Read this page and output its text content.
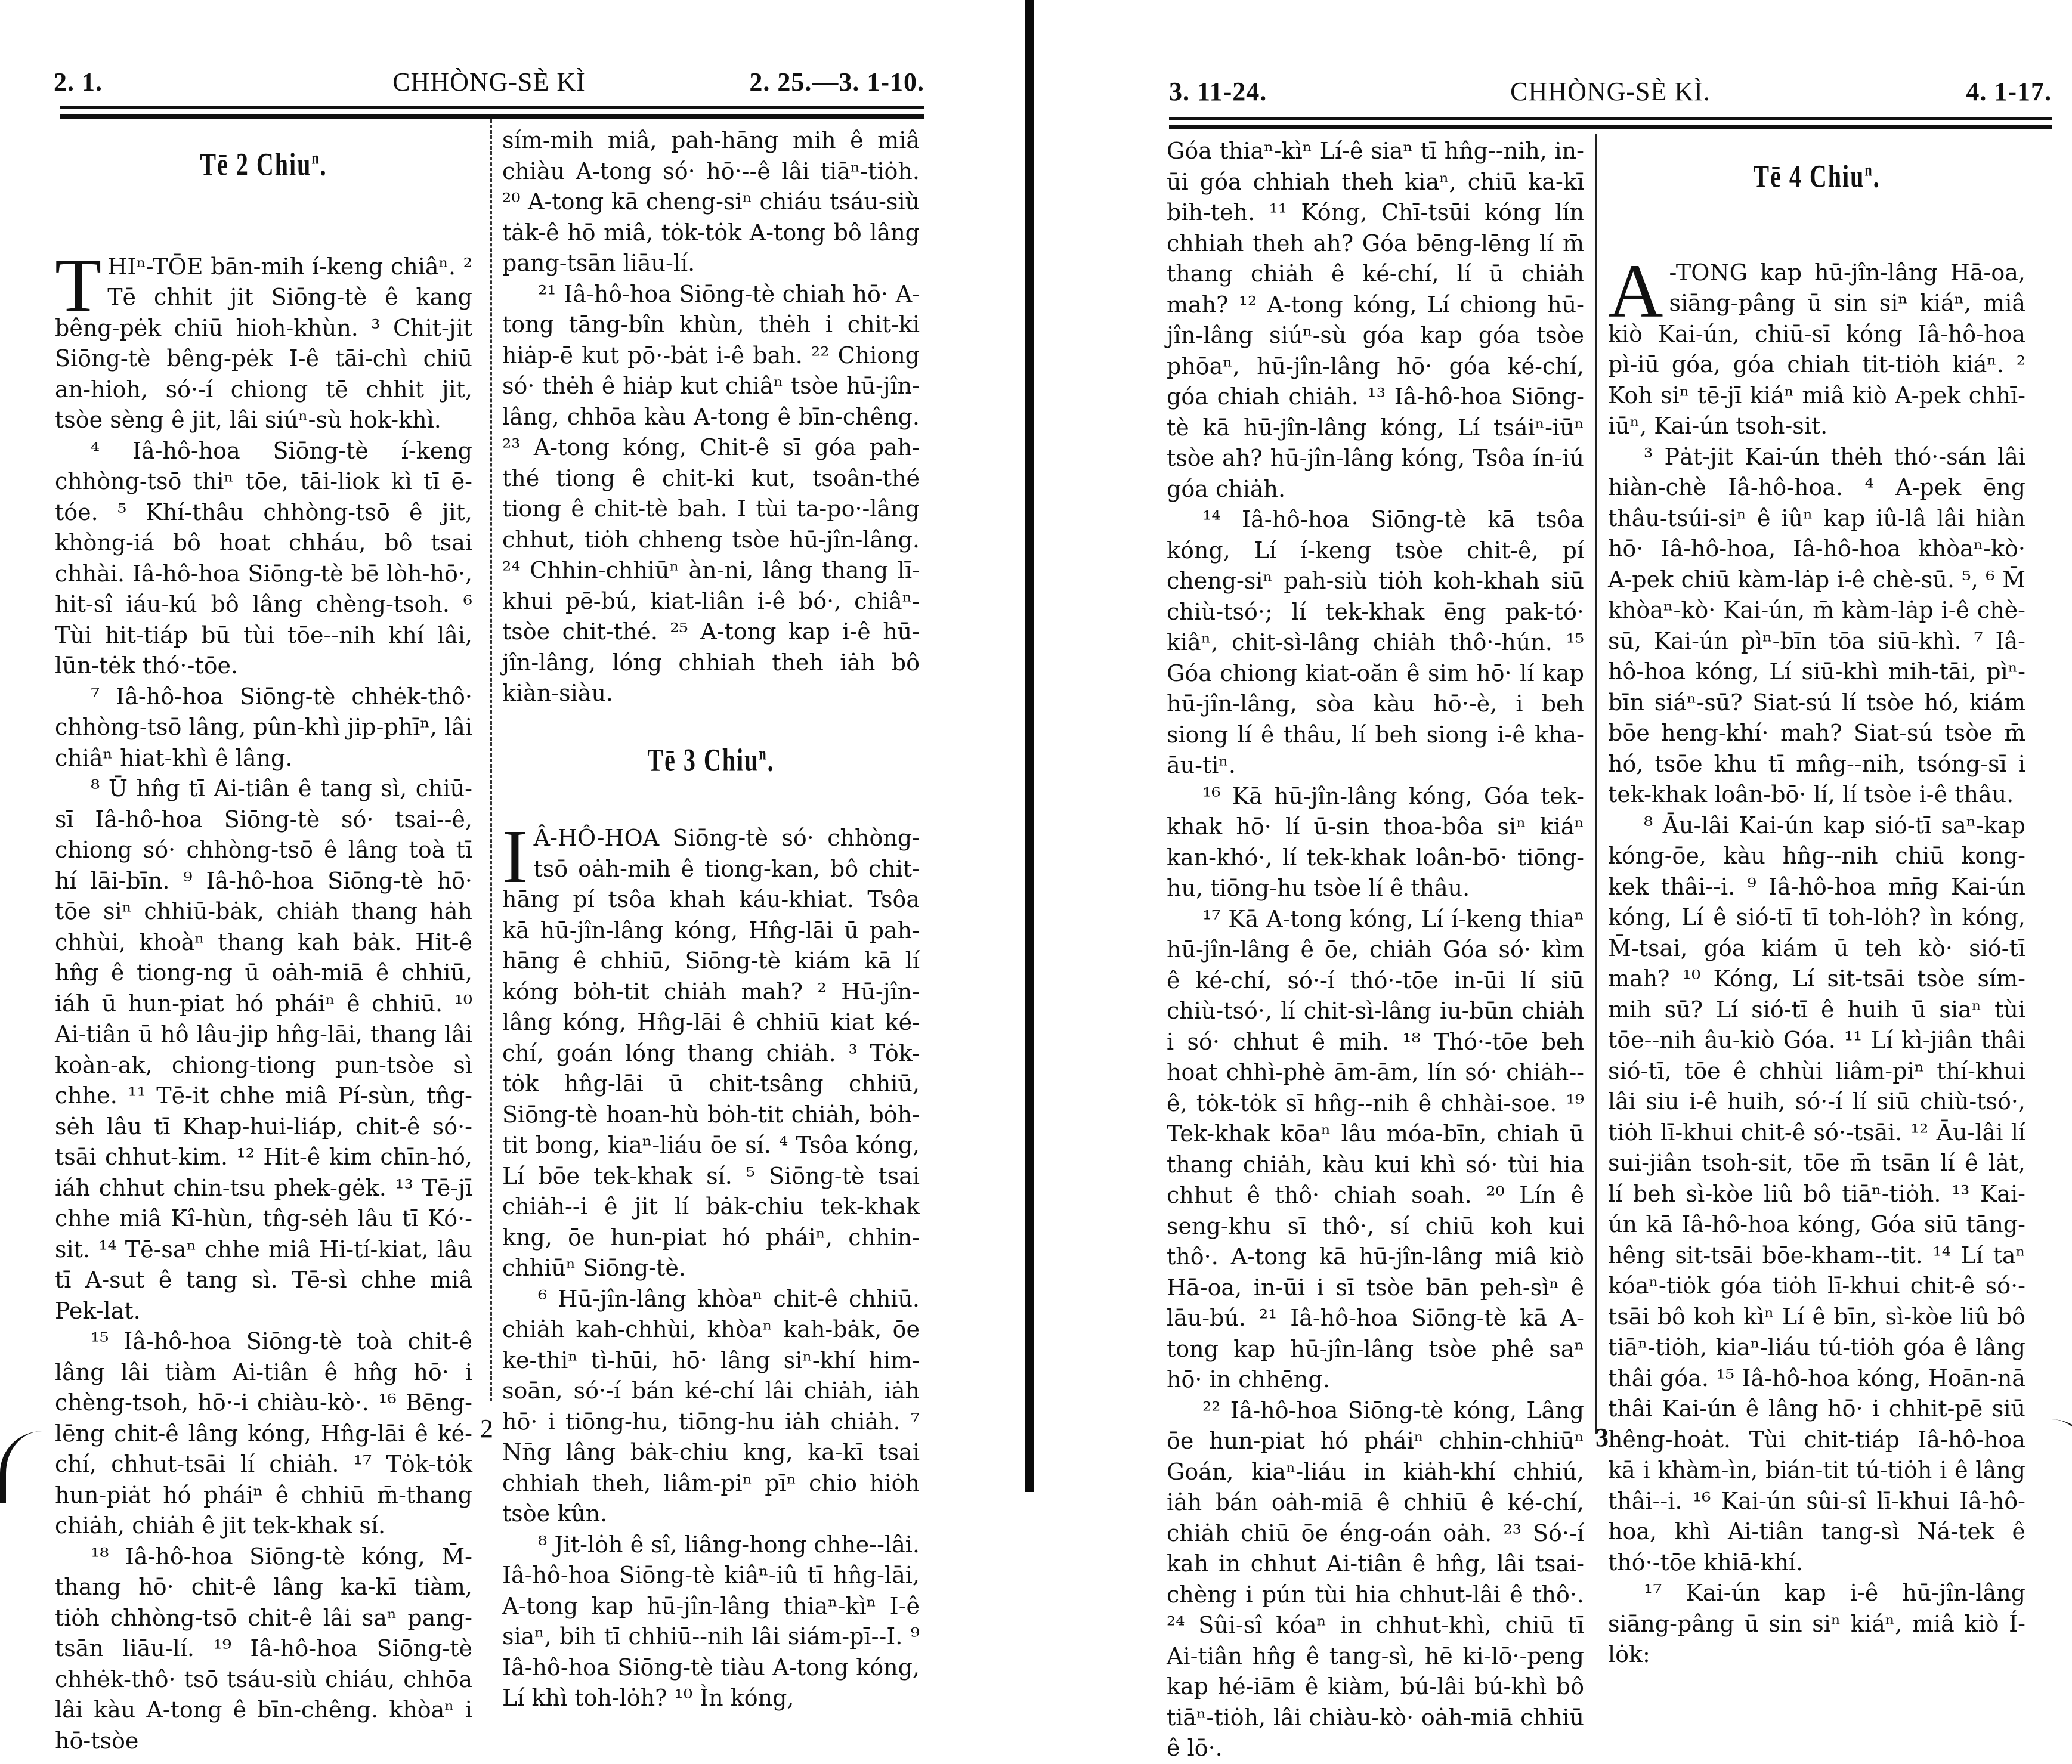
2. 1.	CHHÒNG-SÈ KÌ	2. 25.—3. 1-10.
Tē 2 Chiu$^n$.

THIⁿ-TŌE bān-mih í-keng chiâⁿ. ² Tē chhit jit Siōng-tè ê kang bêng-pėk chiū hioh-khùn. ³ Chit-jit Siōng-tè bêng-pėk I-ê tāi-chì chiū an-hioh, só·-í chiong tē chhit jit, tsòe sèng ê jit, lâi siúⁿ-sù hok-khì.

⁴ Iâ-hô-hoa Siōng-tè í-keng chhòng-tsō thiⁿ tōe, tāi-liok kì tī ē-tóe. ⁵ Khí-thâu chhòng-tsō ê jit, khòng-iá bô hoat chháu, bô tsai chhài. Iâ-hô-hoa Siōng-tè bē lòh-hō·, hit-sî iáu-kú bô lâng chèng-tsoh. ⁶ Tùi hit-tiáp bū tùi tōe--nih khí lâi, lūn-tėk thó·-tōe.

⁷ Iâ-hô-hoa Siōng-tè chhėk-thô· chhòng-tsō lâng, pûn-khì jip-phīⁿ, lâi chiâⁿ hiat-khì ê lâng.

⁸ Ū hn̂g tī Ai-tiân ê tang sì, chiū-sī Iâ-hô-hoa Siōng-tè só· tsai--ê, chiong só· chhòng-tsō ê lâng toà tī hí lāi-bīn. ⁹ Iâ-hô-hoa Siōng-tè hō· tōe siⁿ chhiū-bȧk, chiȧh thang hȧh chhùi, khoàⁿ thang kah bȧk. Hit-ê hn̂g ê tiong-ng ū oȧh-miā ê chhiū, iáh ū hun-piat hó pháiⁿ ê chhiū. ¹⁰ Ai-tiân ū hô lâu-jip hn̂g-lāi, thang lâi koàn-ak, chiong-tiong pun-tsòe sì chhe. ¹¹ Tē-it chhe miâ Pí-sùn, tn̂g-sėh lâu tī Khap-hui-liáp, chit-ê só·-tsāi chhut-kim. ¹² Hit-ê kim chīn-hó, iáh chhut chin-tsu phek-gėk. ¹³ Tē-jī chhe miâ Kî-hùn, tn̂g-sėh lâu tī Kó·-sit. ¹⁴ Tē-saⁿ chhe miâ Hi-tí-kiat, lâu tī A-sut ê tang sì. Tē-sì chhe miâ Pek-lat.

¹⁵ Iâ-hô-hoa Siōng-tè toà chit-ê lâng lâi tiàm Ai-tiân ê hn̂g hō· i chèng-tsoh, hō·-i chiàu-kò·. ¹⁶ Bēng-lēng chit-ê lâng kóng, Hn̂g-lāi ê ké-chí, chhut-tsāi lí chiȧh. ¹⁷ Tȯk-tȯk hun-piȧt hó pháiⁿ ê chhiū m̄-thang chiȧh, chiȧh ê jit tek-khak sí.

¹⁸ Iâ-hô-hoa Siōng-tè kóng, M̄-thang hō· chit-ê lâng ka-kī tiàm, tiȯh chhòng-tsō chit-ê lâi saⁿ pang-tsān liāu-lí. ¹⁹ Iâ-hô-hoa Siōng-tè chhėk-thô· tsō tsáu-siù chiáu, chhōa lâi kàu A-tong ê bīn-chêng. khòaⁿ i hō-tsòe

sím-mih miâ, pah-hāng mih ê miâ chiàu A-tong só· hō·--ê lâi tiāⁿ-tiȯh. ²⁰ A-tong kā cheng-siⁿ chiáu tsáu-siù tȧk-ê hō miâ, tȯk-tȯk A-tong bô lâng pang-tsān liāu-lí.

²¹ Iâ-hô-hoa Siōng-tè chiah hō· A-tong tāng-bîn khùn, thėh i chit-ki hiȧp-ē kut pō·-bȧt i-ê bah. ²² Chiong só· thėh ê hiȧp kut chiâⁿ tsòe hū-jîn-lâng, chhōa kàu A-tong ê bīn-chêng. ²³ A-tong kóng, Chit-ê sī góa pah-thé tiong ê chit-ki kut, tsoân-thé tiong ê chit-tè bah. I tùi ta-po·-lâng chhut, tiȯh chheng tsòe hū-jîn-lâng. ²⁴ Chhin-chhiūⁿ àn-ni, lâng thang lī-khui pē-bú, kiat-liân i-ê bó·, chiâⁿ-tsòe chit-thé. ²⁵ A-tong kap i-ê hū-jîn-lâng, lóng chhiah theh iȧh bô kiàn-siàu.

Tē 3 Chiu$^n$.

I Â-HÔ-HOA Siōng-tè só· chhòng-tsō oȧh-mih ê tiong-kan, bô chit-hāng pí tsôa khah káu-khiat. Tsôa kā hū-jîn-lâng kóng, Hn̂g-lāi ū pah-hāng ê chhiū, Siōng-tè kiám kā lí kóng bȯh-tit chiȧh mah? ² Hū-jîn-lâng kóng, Hn̂g-lāi ê chhiū kiat ké-chí, goán lóng thang chiȧh. ³ Tȯk-tȯk hn̂g-lāi ū chit-tsâng chhiū, Siōng-tè hoan-hù bȯh-tit chiȧh, bȯh-tit bong, kiaⁿ-liáu ōe sí. ⁴ Tsôa kóng, Lí bōe tek-khak sí. ⁵ Siōng-tè tsai chiȧh--i ê jit lí bȧk-chiu tek-khak kng, ōe hun-piat hó pháiⁿ, chhin-chhiūⁿ Siōng-tè.

⁶ Hū-jîn-lâng khòaⁿ chit-ê chhiū. chiȧh kah-chhùi, khòaⁿ kah-bȧk, ōe ke-thiⁿ tì-hūi, hō· lâng siⁿ-khí him-soān, só·-í bán ké-chí lâi chiȧh, iȧh hō· i tiōng-hu, tiōng-hu iȧh chiȧh. ⁷ Nn̄g lâng bȧk-chiu kng, ka-kī tsai chhiah theh, liâm-piⁿ pīⁿ chio hiȯh tsòe kûn.

⁸ Jit-lȯh ê sî, liâng-hong chhe--lâi. Iâ-hô-hoa Siōng-tè kiâⁿ-iû tī hn̂g-lāi, A-tong kap hū-jîn-lâng thiaⁿ-kìⁿ I-ê siaⁿ, bih tī chhiū--nih lâi siám-pī--I. ⁹ Iâ-hô-hoa Siōng-tè tiàu A-tong kóng, Lí khì toh-lȯh? ¹⁰ Ìn kóng,

2
3. 11-24.	CHHÒNG-SÈ KÌ.	4. 1-17.

Góa thiaⁿ-kìⁿ Lí-ê siaⁿ tī hn̂g--nih, in-ūi góa chhiah theh kiaⁿ, chiū ka-kī bih-teh. ¹¹ Kóng, Chī-tsūi kóng lín chhiah theh ah? Góa bēng-lēng lí m̄ thang chiȧh ê ké-chí, lí ū chiȧh mah? ¹² A-tong kóng, Lí chiong hū-jîn-lâng siúⁿ-sù góa kap góa tsòe phōaⁿ, hū-jîn-lâng hō· góa ké-chí, góa chiah chiȧh. ¹³ Iâ-hô-hoa Siōng-tè kā hū-jîn-lâng kóng, Lí tsáiⁿ-iūⁿ tsòe ah? hū-jîn-lâng kóng, Tsôa ín-iú góa chiȧh.

¹⁴ Iâ-hô-hoa Siōng-tè kā tsôa kóng, Lí í-keng tsòe chit-ê, pí cheng-siⁿ pah-siù tiȯh koh-khah siū chiù-tsó·; lí tek-khak ēng pak-tó· kiâⁿ, chit-sì-lâng chiȧh thô·-hún. ¹⁵ Góa chiong kiat-oăn ê sim hō· lí kap hū-jîn-lâng, sòa kàu hō·-è, i beh siong lí ê thâu, lí beh siong i-ê kha-āu-tiⁿ.

¹⁶ Kā hū-jîn-lâng kóng, Góa tek-khak hō· lí ū-sin thoa-bôa siⁿ kiáⁿ kan-khó·, lí tek-khak loân-bō· tiōng-hu, tiōng-hu tsòe lí ê thâu.

¹⁷ Kā A-tong kóng, Lí í-keng thiaⁿ hū-jîn-lâng ê ōe, chiȧh Góa só· kìm ê ké-chí, só·-í thó·-tōe in-ūi lí siū chiù-tsó·, lí chit-sì-lâng iu-būn chiȧh i só· chhut ê mih. ¹⁸ Thó·-tōe beh hoat chhì-phè ām-ām, lín só· chiȧh--ê, tȯk-tȯk sī hn̂g--nih ê chhài-soe. ¹⁹ Tek-khak kōaⁿ lâu móa-bīn, chiah ū thang chiȧh, kàu kui khì só· tùi hia chhut ê thô· chiah soah. ²⁰ Lín ê seng-khu sī thô·, sí chiū koh kui thô·. A-tong kā hū-jîn-lâng miâ kiò Hā-oa, in-ūi i sī tsòe bān peh-sìⁿ ê lāu-bú. ²¹ Iâ-hô-hoa Siōng-tè kā A-tong kap hū-jîn-lâng tsòe phê saⁿ hō· in chhēng.

²² Iâ-hô-hoa Siōng-tè kóng, Lâng ōe hun-piat hó pháiⁿ chhin-chhiūⁿ Goán, kiaⁿ-liáu in kiȧh-khí chhiú, iȧh bán oȧh-miā ê chhiū ê ké-chí, chiȧh chiū ōe éng-oán oȧh. ²³ Só·-í kah in chhut Ai-tiân ê hn̂g, lâi tsai-chèng i pún tùi hia chhut-lâi ê thô·. ²⁴ Sûi-sî kóaⁿ in chhut-khì, chiū tī Ai-tiân hn̂g ê tang-sì, hē ki-lō·-peng kap hé-iām ê kiàm, bú-lâi bú-khì bô tiāⁿ-tiȯh, lâi chiàu-kò· oȧh-miā chhiū ê lō·.

Tē 4 Chiu$^n$.

A -TONG kap hū-jîn-lâng Hā-oa, siāng-pâng ū sin siⁿ kiáⁿ, miâ kiò Kai-ún, chiū-sī kóng Iâ-hô-hoa pì-iū góa, góa chiah tit-tiȯh kiáⁿ. ² Koh siⁿ tē-jī kiáⁿ miâ kiò A-pek chhī-iūⁿ, Kai-ún tsoh-sit.

³ Pȧt-jit Kai-ún thėh thó·-sán lâi hiàn-chè Iâ-hô-hoa. ⁴ A-pek ēng thâu-tsúi-siⁿ ê iûⁿ kap iû-lâ lâi hiàn hō· Iâ-hô-hoa, Iâ-hô-hoa khòaⁿ-kò· A-pek chiū kàm-lȧp i-ê chè-sū. ⁵, ⁶ M̄ khòaⁿ-kò· Kai-ún, m̄ kàm-lȧp i-ê chè-sū, Kai-ún pìⁿ-bīn tōa siū-khì. ⁷ Iâ-hô-hoa kóng, Lí siū-khì mih-tāi, pìⁿ-bīn siáⁿ-sū? Siat-sú lí tsòe hó, kiám bōe heng-khí· mah? Siat-sú tsòe m̄ hó, tsōe khu tī mn̂g--nih, tsóng-sī i tek-khak loân-bō· lí, lí tsòe i-ê thâu.

⁸ Āu-lâi Kai-ún kap sió-tī saⁿ-kap kóng-ōe, kàu hn̂g--nih chiū kong-kek thâi--i. ⁹ Iâ-hô-hoa mn̄g Kai-ún kóng, Lí ê sió-tī tī toh-lȯh? ìn kóng, M̄-tsai, góa kiám ū teh kò· sió-tī mah? ¹⁰ Kóng, Lí sit-tsāi tsòe sím-mih sū? Lí sió-tī ê huih ū siaⁿ tùi tōe--nih âu-kiò Góa. ¹¹ Lí kì-jiân thâi sió-tī, tōe ê chhùi liâm-piⁿ thí-khui lâi siu i-ê huih, só·-í lí siū chiù-tsó·, tiȯh lī-khui chit-ê só·-tsāi. ¹² Āu-lâi lí sui-jiân tsoh-sit, tōe m̄ tsān lí ê lȧt, lí beh sì-kòe liû bô tiāⁿ-tiȯh. ¹³ Kai-ún kā Iâ-hô-hoa kóng, Góa siū tāng-hêng sit-tsāi bōe-kham--tit. ¹⁴ Lí taⁿ kóaⁿ-tiȯk góa tiȯh lī-khui chit-ê só·-tsāi bô koh kìⁿ Lí ê bīn, sì-kòe liû bô tiāⁿ-tiȯh, kiaⁿ-liáu tú-tiȯh góa ê lâng thâi góa. ¹⁵ Iâ-hô-hoa kóng, Hoān-nā thâi Kai-ún ê lâng hō· i chhit-pē siū hêng-hoȧt. Tùi chit-tiáp Iâ-hô-hoa kā i khàm-ìn, bián-tit tú-tiȯh i ê lâng thâi--i. ¹⁶ Kai-ún sûi-sî lī-khui Iâ-hô-hoa, khì Ai-tiân tang-sì Ná-tek ê thó·-tōe khiā-khí.

¹⁷ Kai-ún kap i-ê hū-jîn-lâng siāng-pâng ū sin siⁿ kiáⁿ, miâ kiò Í-lȯk:

3
